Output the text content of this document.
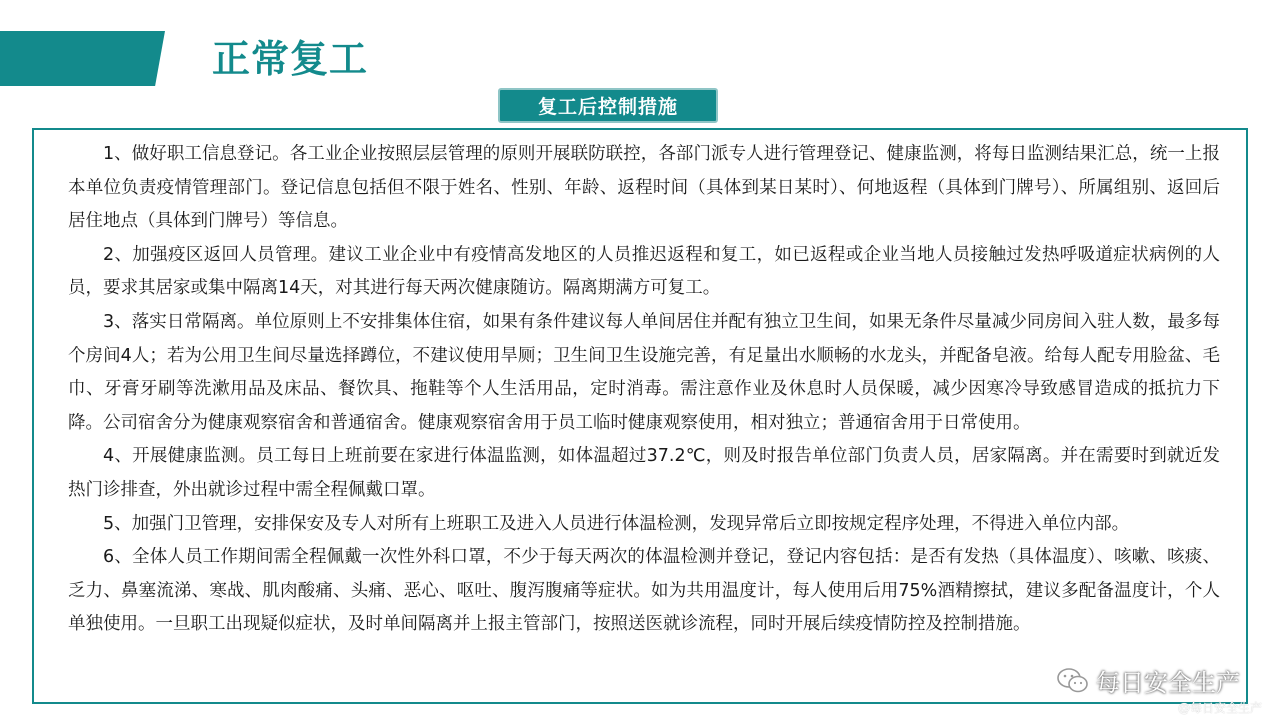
正常复工
复工后控制措施

1、做好职工信息登记。各工业企业按照层层管理的原则开展联防联控，各部门派专人进行管理登记、健康监测，将每日监测结果汇总，统一上报本单位负责疫情管理部门。登记信息包括但不限于姓名、性别、年龄、返程时间（具体到某日某时）、何地返程（具体到门牌号）、所属组别、返回后居住地点（具体到门牌号）等信息。

2、加强疫区返回人员管理。建议工业企业中有疫情高发地区的人员推迟返程和复工，如已返程或企业当地人员接触过发热呼吸道症状病例的人员，要求其居家或集中隔离14天，对其进行每天两次健康随访。隔离期满方可复工。

3、落实日常隔离。单位原则上不安排集体住宿，如果有条件建议每人单间居住并配有独立卫生间，如果无条件尽量减少同房间入驻人数，最多每个房间4人；若为公用卫生间尽量选择蹲位，不建议使用旱厕；卫生间卫生设施完善，有足量出水顺畅的水龙头，并配备皂液。给每人配专用脸盆、毛巾、牙膏牙刷等洗漱用品及床品、餐饮具、拖鞋等个人生活用品，定时消毒。需注意作业及休息时人员保暖，减少因寒冷导致感冒造成的抵抗力下降。公司宿舍分为健康观察宿舍和普通宿舍。健康观察宿舍用于员工临时健康观察使用，相对独立；普通宿舍用于日常使用。

4、开展健康监测。员工每日上班前要在家进行体温监测，如体温超过37.2℃，则及时报告单位部门负责人员，居家隔离。并在需要时到就近发热门诊排查，外出就诊过程中需全程佩戴口罩。

5、加强门卫管理，安排保安及专人对所有上班职工及进入人员进行体温检测，发现异常后立即按规定程序处理，不得进入单位内部。

6、全体人员工作期间需全程佩戴一次性外科口罩，不少于每天两次的体温检测并登记，登记内容包括：是否有发热（具体温度）、咳嗽、咳痰、乏力、鼻塞流涕、寒战、肌肉酸痛、头痛、恶心、呕吐、腹泻腹痛等症状。如为共用温度计，每人使用后用75%酒精擦拭，建议多配备温度计，个人单独使用。一旦职工出现疑似症状，及时单间隔离并上报主管部门，按照送医就诊流程，同时开展后续疫情防控及控制措施。

每日安全生产
@每日安全生产
